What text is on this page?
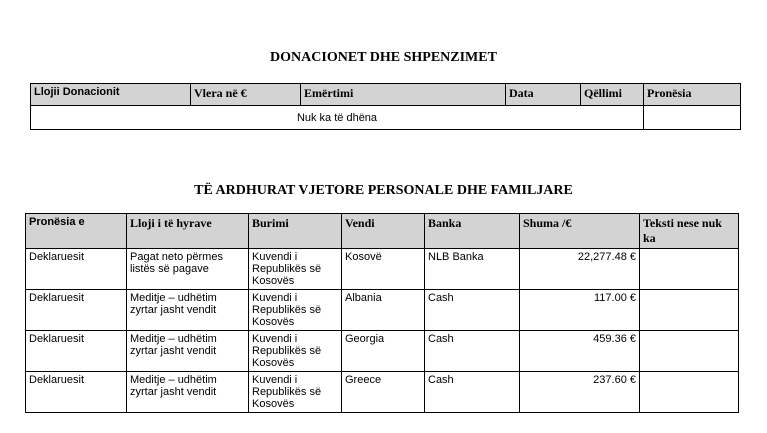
DONACIONET DHE SHPENZIMET
Llojii Donacionit	Vlera në €	Emërtimi	Data	Qëllimi	Pronësia
Nuk ka të dhëna					
TË ARDHURAT VJETORE PERSONALE DHE FAMILJARE
Pronësia e	Lloji i të hyrave	Burimi	Vendi	Banka	Shuma /€	Teksti nese nuk ka
Deklaruesit	Pagat neto përmes listës së pagave	Kuvendi i Republikës së Kosovës	Kosovë	NLB Banka	22,277.48 €	
Deklaruesit	Meditje – udhëtim zyrtar jasht vendit	Kuvendi i Republikës së Kosovës	Albania	Cash	117.00 €	
Deklaruesit	Meditje – udhëtim zyrtar jasht vendit	Kuvendi i Republikës së Kosovës	Georgia	Cash	459.36 €	
Deklaruesit	Meditje – udhëtim zyrtar jasht vendit	Kuvendi i Republikës së Kosovës	Greece	Cash	237.60 €	
